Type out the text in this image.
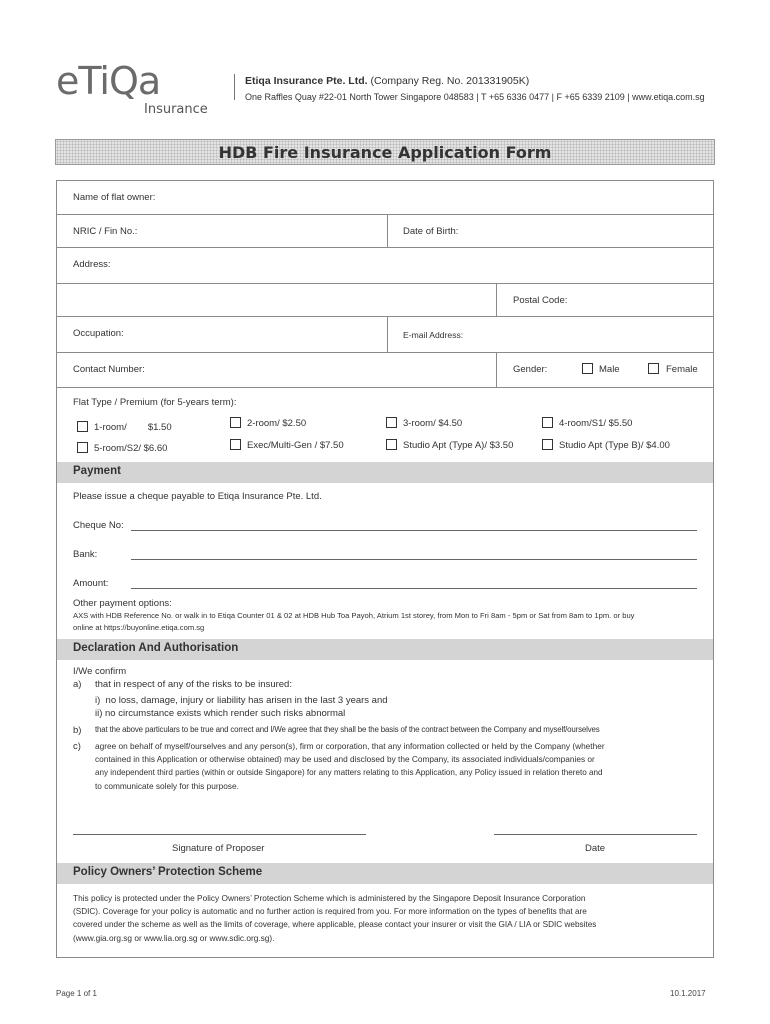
eTiQa
Insurance
Etiqa Insurance Pte. Ltd. (Company Reg. No. 201331905K)
One Raffles Quay #22-01 North Tower Singapore 048583 | T +65 6336 0477 | F +65 6339 2109 | www.etiqa.com.sg
HDB Fire Insurance Application Form
Name of flat owner:
NRIC / Fin No.:	Date of Birth:
Address:
Postal Code:
Occupation:	E-mail Address:
Contact Number:	Gender:	Male	Female
Flat Type / Premium (for 5-years term):
1-room/        $1.50	2-room/ $2.50	3-room/ $4.50	4-room/S1/ $5.50
5-room/S2/ $6.60	Exec/Multi-Gen / $7.50	Studio Apt (Type A)/ $3.50	Studio Apt (Type B)/ $4.00
Payment
Please issue a cheque payable to Etiqa Insurance Pte. Ltd.
Cheque No:
Bank:
Amount:
Other payment options:
AXS with HDB Reference No. or walk in to Etiqa Counter 01 & 02 at HDB Hub Toa Payoh, Atrium 1st storey, from Mon to Fri 8am - 5pm or Sat from 8am to 1pm. or buy
online at https://buyonline.etiqa.com.sg
Declaration And Authorisation
I/We confirm
a) that in respect of any of the risks to be insured:
i)  no loss, damage, injury or liability has arisen in the last 3 years and
ii) no circumstance exists which render such risks abnormal
b) that the above particulars to be true and correct and I/We agree that they shall be the basis of the contract between the Company and myself/ourselves
c) agree on behalf of myself/ourselves and any person(s), firm or corporation, that any information collected or held by the Company (whether
contained in this Application or otherwise obtained) may be used and disclosed by the Company, its associated individuals/companies or
any independent third parties (within or outside Singapore) for any matters relating to this Application, any Policy issued in relation thereto and
to communicate solely for this purpose.
Signature of Proposer	Date
Policy Owners’ Protection Scheme
This policy is protected under the Policy Owners’ Protection Scheme which is administered by the Singapore Deposit Insurance Corporation
(SDIC). Coverage for your policy is automatic and no further action is required from you. For more information on the types of benefits that are
covered under the scheme as well as the limits of coverage, where applicable, please contact your insurer or visit the GIA / LIA or SDIC websites
(www.gia.org.sg or www.lia.org.sg or www.sdic.org.sg).
Page 1 of 1	10.1.2017
